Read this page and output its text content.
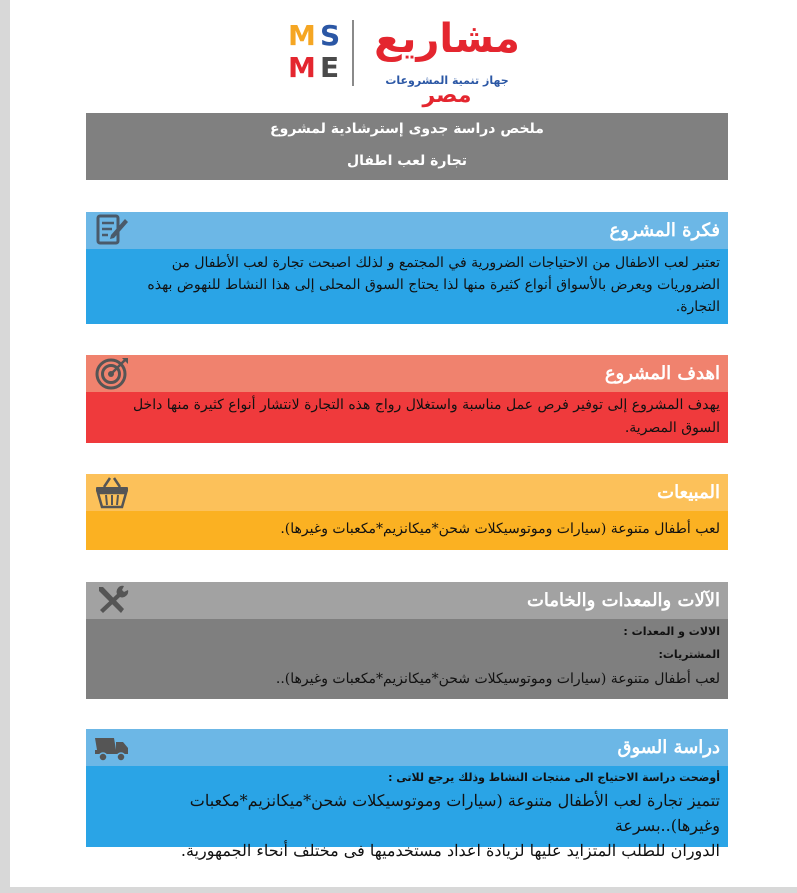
M S
M E
مشاريع مصر
جهاز تنمية المشروعات
ملخص دراسة جدوى إسترشادية لمشروع
تجارة لعب اطفال
فكرة المشروع

تعتبر لعب الاطفال من الاحتياجات الضرورية في المجتمع و لذلك اصبحت تجارة لعب الأطفال من

الضروريات ويعرض بالأسواق أنواع كثيرة منها لذا يحتاج السوق المحلى إلى هذا النشاط للنهوض بهذه

التجارة.

اهدف المشروع

يهدف المشروع إلى توفير فرص عمل مناسبة واستغلال رواج هذه التجارة لانتشار أنواع كثيرة منها داخل

السوق المصرية.

المبيعات

لعب أطفال متنوعة (سيارات وموتوسيكلات شحن*ميكانزيم*مكعبات وغيرها).

الآلات والمعدات والخامات

الالات و المعدات :

المشتريات:

لعب أطفال متنوعة (سيارات وموتوسيكلات شحن*ميكانزيم*مكعبات وغيرها)..

دراسة السوق

أوضحت دراسة الاحتياج الى منتجات النشاط وذلك يرجع للاتى :

تتميز تجارة لعب الأطفال متنوعة (سيارات وموتوسيكلات شحن*ميكانزيم*مكعبات وغيرها)..بسرعة

الدوران للطلب المتزايد عليها لزيادة اعداد مستخدميها فى مختلف أنحاء الجمهورية.
